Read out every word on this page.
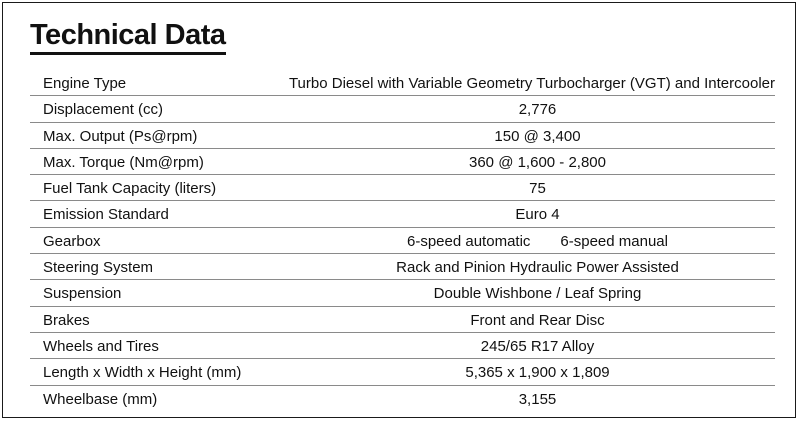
Technical Data
Engine Type	Turbo Diesel with Variable Geometry Turbocharger (VGT) and Intercooler
Displacement (cc)	2,776
Max. Output (Ps@rpm)	150 @ 3,400
Max. Torque (Nm@rpm)	360 @ 1,600 - 2,800
Fuel Tank Capacity (liters)	75
Emission Standard	Euro 4
Gearbox	6-speed automatic 6-speed manual
Steering System	Rack and Pinion Hydraulic Power Assisted
Suspension	Double Wishbone / Leaf Spring
Brakes	Front and Rear Disc
Wheels and Tires	245/65 R17 Alloy
Length x Width x Height (mm)	5,365 x 1,900 x 1,809
Wheelbase (mm)	3,155
